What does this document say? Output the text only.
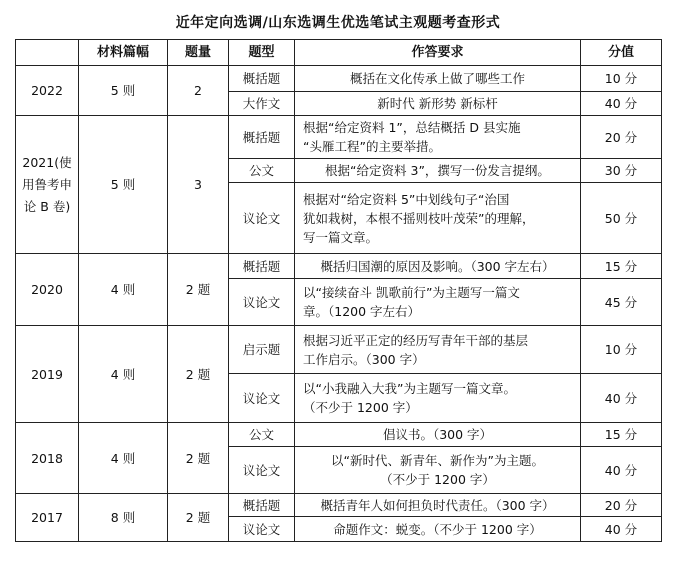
近年定向选调/山东选调生优选笔试主观题考查形式
	材料篇幅	题量	题型	作答要求	分值
2022	5 则	2	概括题	概括在文化传承上做了哪些工作	10 分
			大作文	新时代 新形势 新标杆	40 分
2021(使用鲁考申论 B 卷)	5 则	3	概括题	根据“给定资料 1”，总结概括 D 县实施
“头雁工程”的主要举措。	20 分
			公文	根据“给定资料 3”，撰写一份发言提纲。	30 分
			议论文	根据对“给定资料 5”中划线句子“治国
犹如栽树，本根不摇则枝叶茂荣”的理解，
写一篇文章。	50 分
2020	4 则	2 题	概括题	概括归国潮的原因及影响。（300 字左右）	15 分
			议论文	以“接续奋斗 凯歌前行”为主题写一篇文
章。（1200 字左右）	45 分
2019	4 则	2 题	启示题	根据习近平正定的经历写青年干部的基层
工作启示。（300 字）	10 分
			议论文	以“小我融入大我”为主题写一篇文章。
（不少于 1200 字）	40 分
2018	4 则	2 题	公文	倡议书。（300 字）	15 分
			议论文	以“新时代、新青年、新作为”为主题。
（不少于 1200 字）	40 分
2017	8 则	2 题	概括题	概括青年人如何担负时代责任。（300 字）	20 分
			议论文	命题作文：蜕变。（不少于 1200 字）	40 分
